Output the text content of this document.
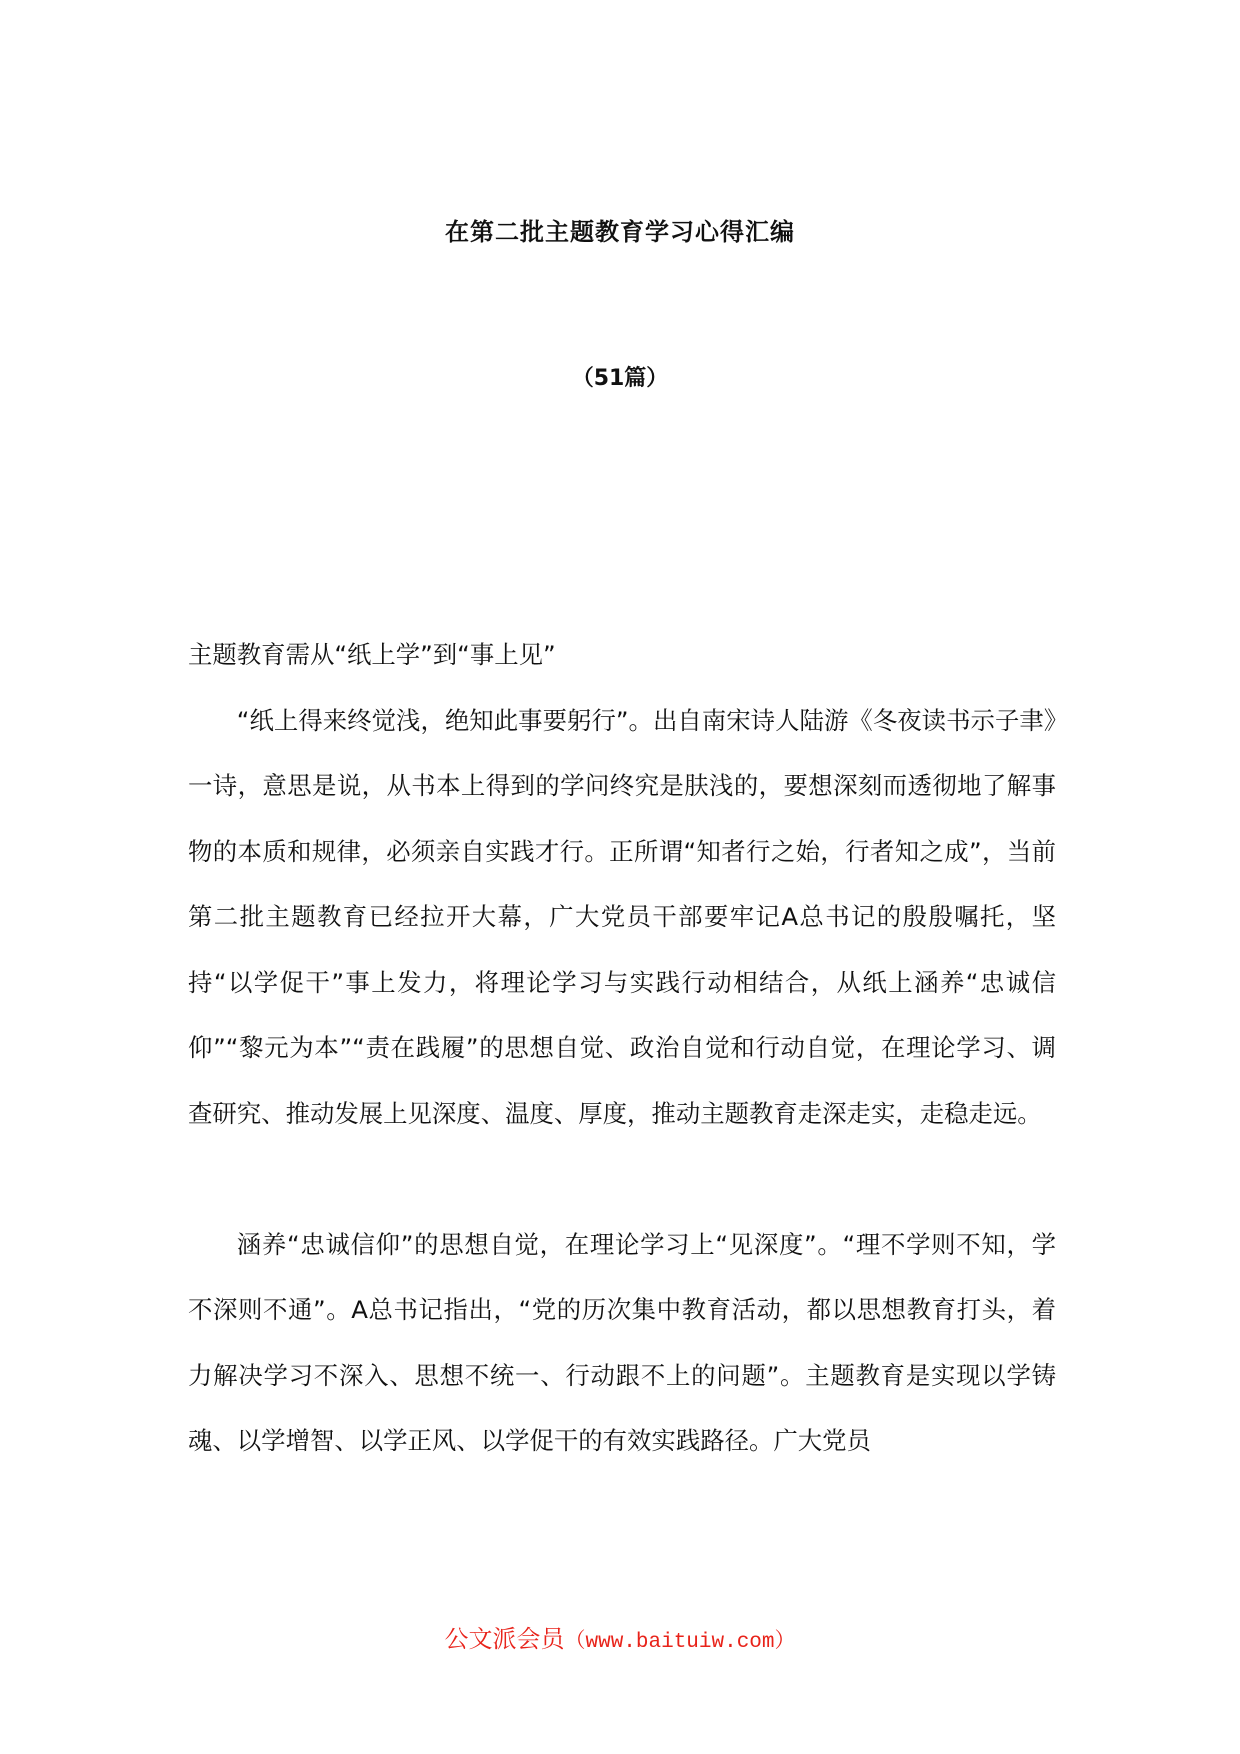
在第二批主题教育学习心得汇编
（51篇）

主题教育需从“纸上学”到“事上见”

“纸上得来终觉浅，绝知此事要躬行”。出自南宋诗人陆游《冬夜读书示子聿》一诗，意思是说，从书本上得到的学问终究是肤浅的，要想深刻而透彻地了解事物的本质和规律，必须亲自实践才行。正所谓“知者行之始，行者知之成”，当前第二批主题教育已经拉开大幕，广大党员干部要牢记A总书记的殷殷嘱托，坚持“以学促干”事上发力，将理论学习与实践行动相结合，从纸上涵养“忠诚信仰”“黎元为本”“责在践履”的思想自觉、政治自觉和行动自觉，在理论学习、调查研究、推动发展上见深度、温度、厚度，推动主题教育走深走实，走稳走远。

涵养“忠诚信仰”的思想自觉，在理论学习上“见深度”。“理不学则不知，学不深则不通”。A总书记指出，“党的历次集中教育活动，都以思想教育打头，着力解决学习不深入、思想不统一、行动跟不上的问题”。主题教育是实现以学铸魂、以学增智、以学正风、以学促干的有效实践路径。广大党员

公文派会员（www.baituiw.com）
